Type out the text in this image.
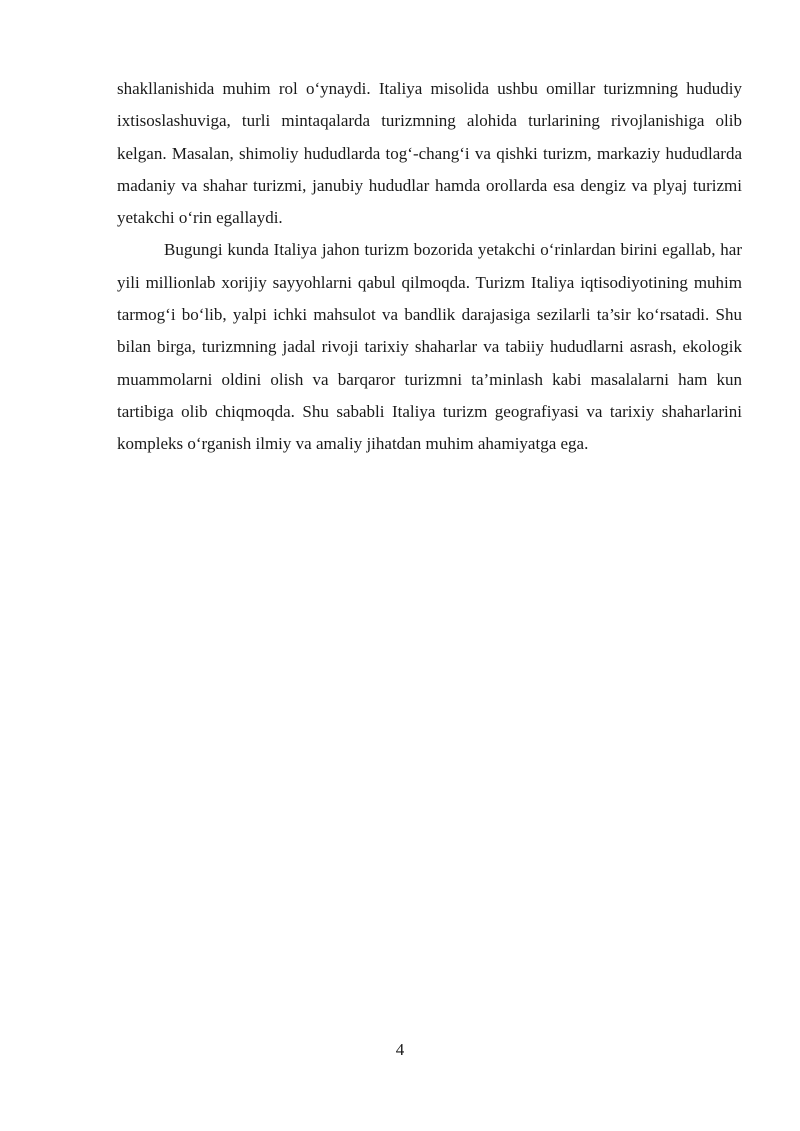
shakllanishida muhim rol o‘ynaydi. Italiya misolida ushbu omillar turizmning hududiy ixtisoslashuviga, turli mintaqalarda turizmning alohida turlarining rivojlanishiga olib kelgan. Masalan, shimoliy hududlarda tog‘-chang‘i va qishki turizm, markaziy hududlarda madaniy va shahar turizmi, janubiy hududlar hamda orollarda esa dengiz va plyaj turizmi yetakchi o‘rin egallaydi.

Bugungi kunda Italiya jahon turizm bozorida yetakchi o‘rinlardan birini egallab, har yili millionlab xorijiy sayyohlarni qabul qilmoqda. Turizm Italiya iqtisodiyotining muhim tarmog‘i bo‘lib, yalpi ichki mahsulot va bandlik darajasiga sezilarli ta’sir ko‘rsatadi. Shu bilan birga, turizmning jadal rivoji tarixiy shaharlar va tabiiy hududlarni asrash, ekologik muammolarni oldini olish va barqaror turizmni ta’minlash kabi masalalarni ham kun tartibiga olib chiqmoqda. Shu sababli Italiya turizm geografiyasi va tarixiy shaharlarini kompleks o‘rganish ilmiy va amaliy jihatdan muhim ahamiyatga ega.

4
